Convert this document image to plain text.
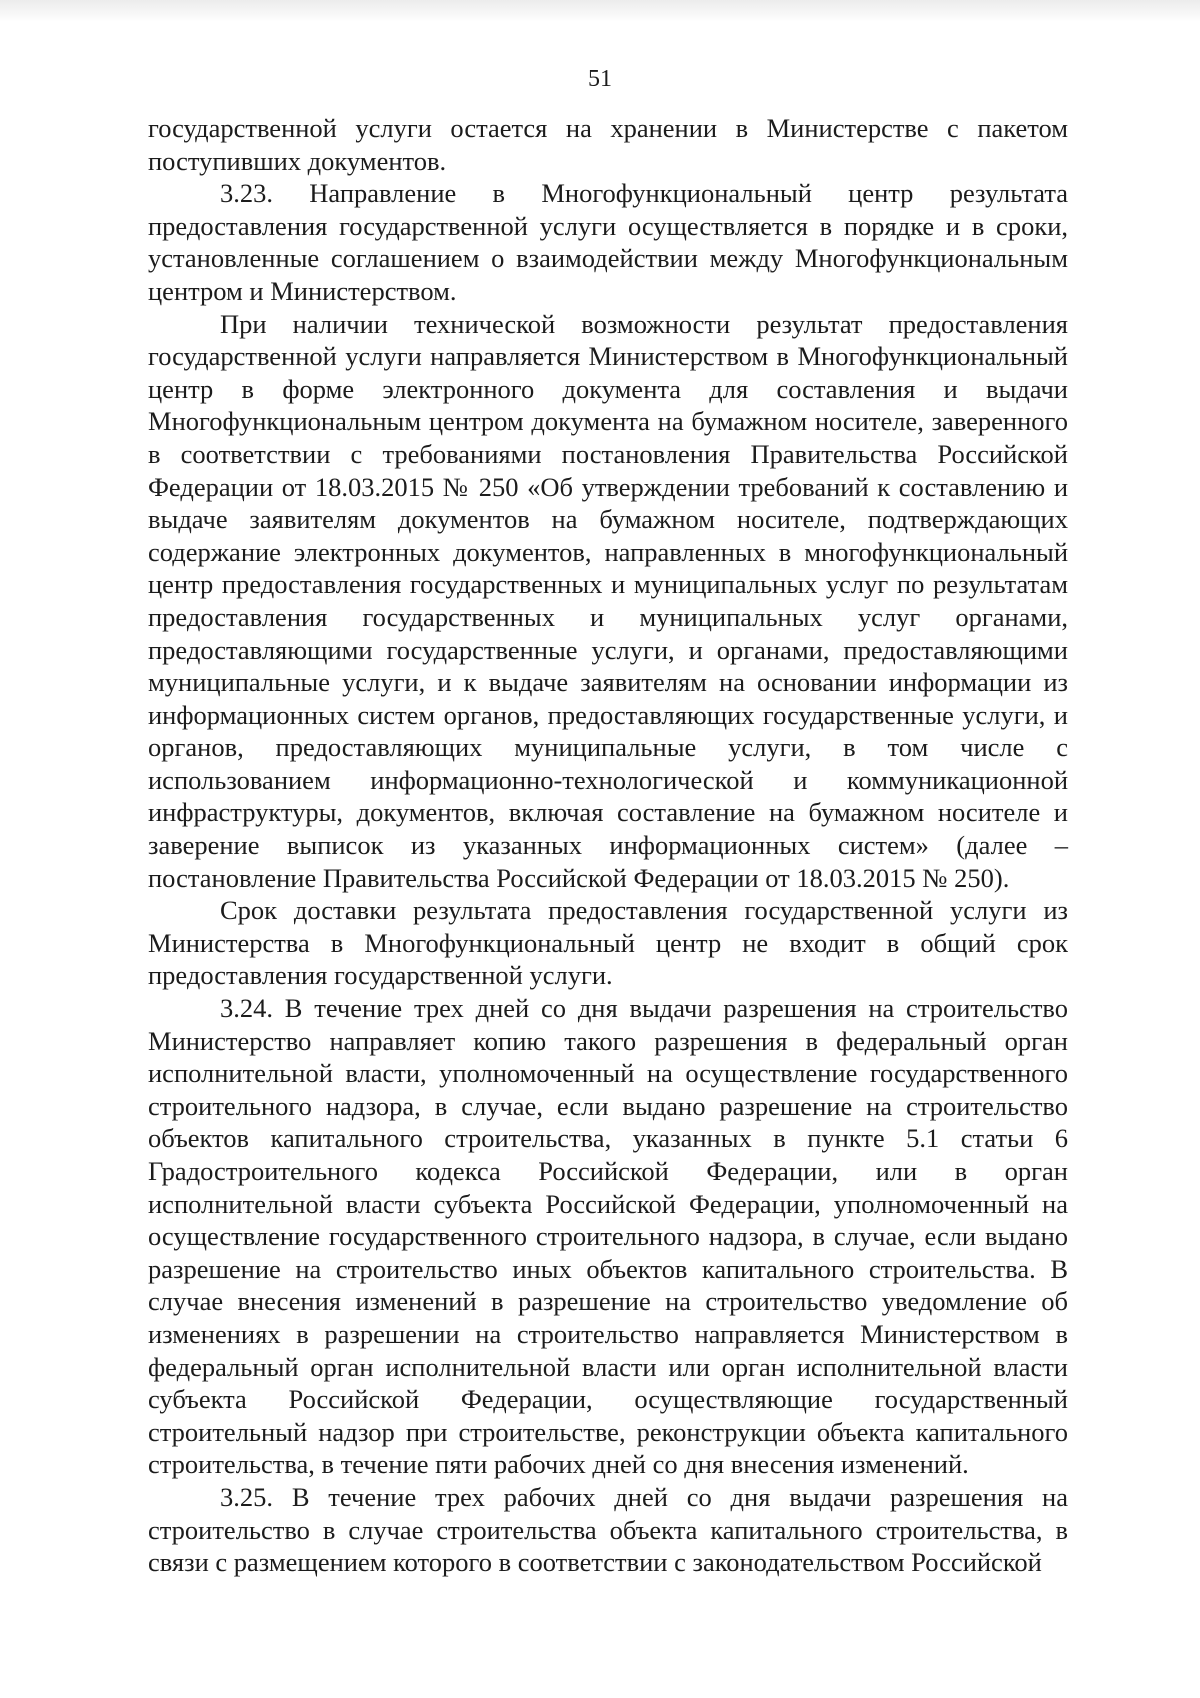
51

государственной услуги остается на хранении в Министерстве с пакетом поступивших документов.

3.23. Направление в Многофункциональный центр результата предоставления государственной услуги осуществляется в порядке и в сроки, установленные соглашением о взаимодействии между Многофункциональным центром и Министерством.

При наличии технической возможности результат предоставления государственной услуги направляется Министерством в Многофункциональный центр в форме электронного документа для составления и выдачи Многофункциональным центром документа на бумажном носителе, заверенного в соответствии с требованиями постановления Правительства Российской Федерации от 18.03.2015 № 250 «Об утверждении требований к составлению и выдаче заявителям документов на бумажном носителе, подтверждающих содержание электронных документов, направленных в многофункциональный центр предоставления государственных и муниципальных услуг по результатам предоставления государственных и муниципальных услуг органами, предоставляющими государственные услуги, и органами, предоставляющими муниципальные услуги, и к выдаче заявителям на основании информации из информационных систем органов, предоставляющих государственные услуги, и органов, предоставляющих муниципальные услуги, в том числе с использованием информационно-технологической и коммуникационной инфраструктуры, документов, включая составление на бумажном носителе и заверение выписок из указанных информационных систем» (далее – постановление Правительства Российской Федерации от 18.03.2015 № 250).

Срок доставки результата предоставления государственной услуги из Министерства в Многофункциональный центр не входит в общий срок предоставления государственной услуги.

3.24. В течение трех дней со дня выдачи разрешения на строительство Министерство направляет копию такого разрешения в федеральный орган исполнительной власти, уполномоченный на осуществление государственного строительного надзора, в случае, если выдано разрешение на строительство объектов капитального строительства, указанных в пункте 5.1 статьи 6 Градостроительного кодекса Российской Федерации, или в орган исполнительной власти субъекта Российской Федерации, уполномоченный на осуществление государственного строительного надзора, в случае, если выдано разрешение на строительство иных объектов капитального строительства. В случае внесения изменений в разрешение на строительство уведомление об изменениях в разрешении на строительство направляется Министерством в федеральный орган исполнительной власти или орган исполнительной власти субъекта Российской Федерации, осуществляющие государственный строительный надзор при строительстве, реконструкции объекта капитального строительства, в течение пяти рабочих дней со дня внесения изменений.

3.25. В течение трех рабочих дней со дня выдачи разрешения на строительство в случае строительства объекта капитального строительства, в связи с размещением которого в соответствии с законодательством Российской
